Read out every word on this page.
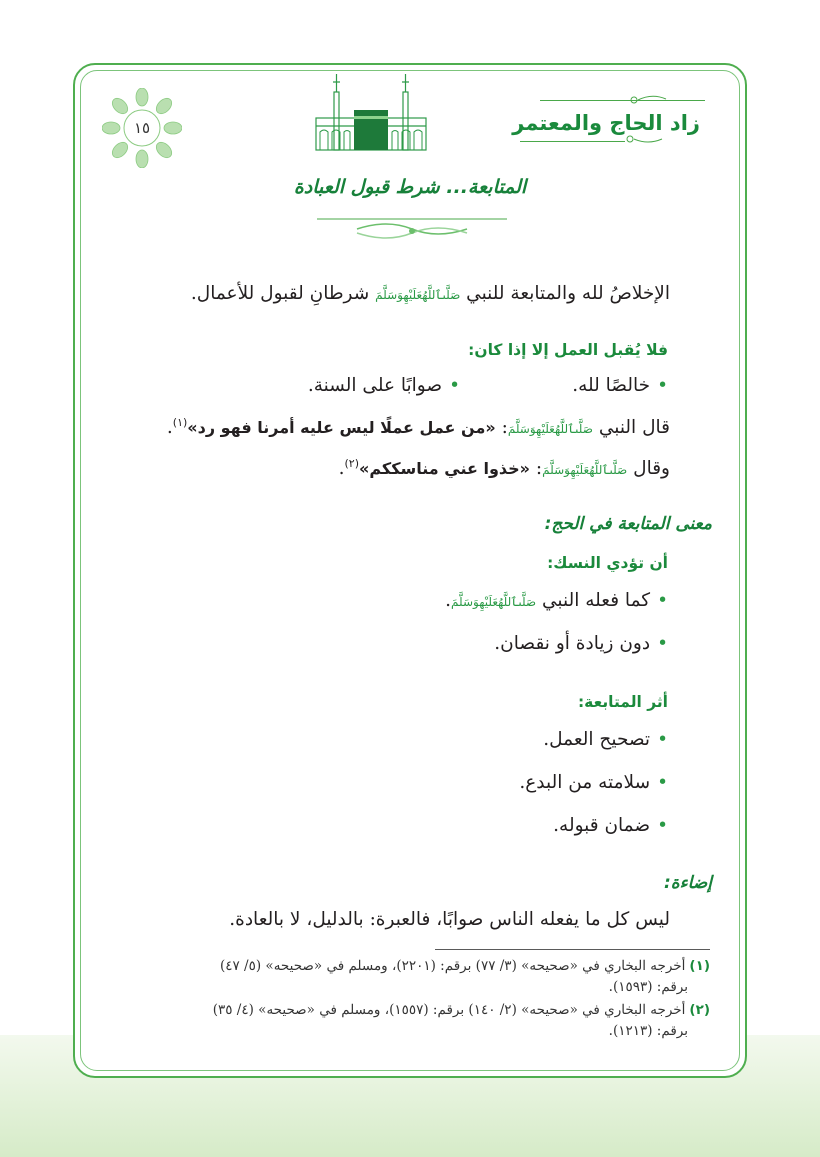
زاد الحاج والمعتمر
١٥
المتابعة... شرط قبول العبادة
الإخلاصُ لله والمتابعة للنبي صَلَّىٱللَّهُعَلَيْهِوَسَلَّمَ شرطانِ لقبول للأعمال.
فلا يُقبل العمل إلا إذا كان:
•خالصًا لله.
•صوابًا على السنة.
قال النبي صَلَّىٱللَّهُعَلَيْهِوَسَلَّمَ: «من عمل عملًا ليس عليه أمرنا فهو رد»$^{(١)}$.
وقال صَلَّىٱللَّهُعَلَيْهِوَسَلَّمَ: «خذوا عني مناسككم»$^{(٢)}$.
معنى المتابعة في الحج:
أن تؤدي النسك:
•كما فعله النبي صَلَّىٱللَّهُعَلَيْهِوَسَلَّمَ.
•دون زيادة أو نقصان.
أثر المتابعة:
•تصحيح العمل.
•سلامته من البدع.
•ضمان قبوله.
إضاءة:
ليس كل ما يفعله الناس صوابًا، فالعبرة: بالدليل، لا بالعادة.
(١)أخرجه البخاري في «صحيحه» (٣/ ٧٧) برقم: (٢٢٠١)، ومسلم في «صحيحه» (٥/ ٤٧)
برقم: (١٥٩٣).
(٢)أخرجه البخاري في «صحيحه» (٢/ ١٤٠) برقم: (١٥٥٧)، ومسلم في «صحيحه» (٤/ ٣٥)
برقم: (١٢١٣).
